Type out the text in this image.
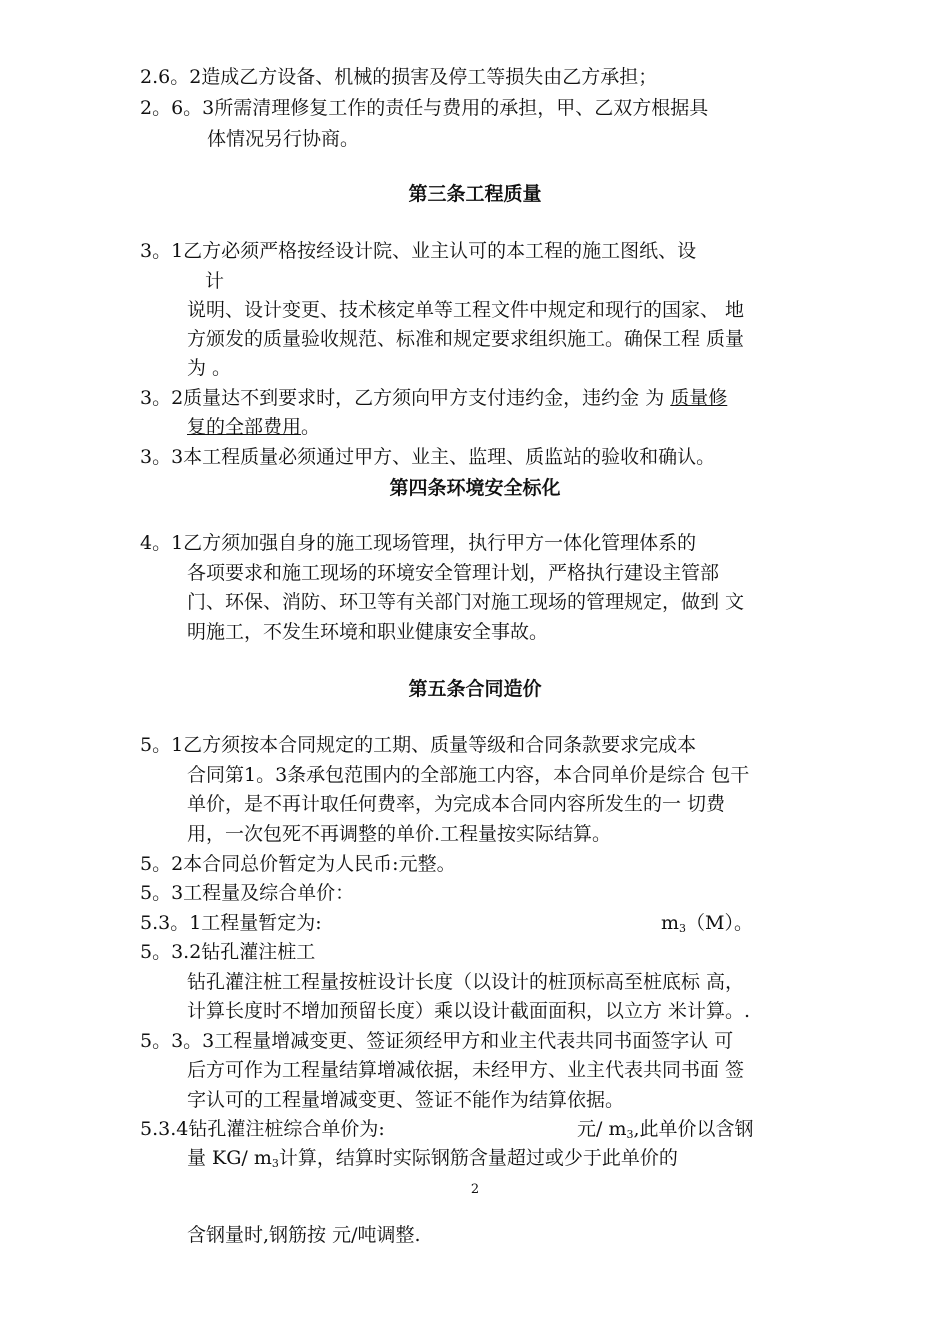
2.6。2造成乙方设备、机械的损害及停工等损失由乙方承担；
2。6。3所需清理修复工作的责任与费用的承担，甲、乙双方根据具
体情况另行协商。
第三条工程质量
3。1乙方必须严格按经设计院、业主认可的本工程的施工图纸、设
计
说明、设计变更、技术核定单等工程文件中规定和现行的国家、 地
方颁发的质量验收规范、标准和规定要求组织施工。确保工程 质量
为 。
3。2质量达不到要求时，乙方须向甲方支付违约金，违约金 为 质量修
复的全部费用。
3。3本工程质量必须通过甲方、业主、监理、质监站的验收和确认。
第四条环境安全标化
4。1乙方须加强自身的施工现场管理，执行甲方一体化管理体系的
各项要求和施工现场的环境安全管理计划，严格执行建设主管部
门、环保、消防、环卫等有关部门对施工现场的管理规定，做到 文
明施工，不发生环境和职业健康安全事故。
第五条合同造价
5。1乙方须按本合同规定的工期、质量等级和合同条款要求完成本
合同第1。3条承包范围内的全部施工内容，本合同单价是综合 包干
单价，是不再计取任何费率，为完成本合同内容所发生的一 切费
用，一次包死不再调整的单价.工程量按实际结算。
5。2本合同总价暂定为人民币:元整。
5。3工程量及综合单价：
5.3。1工程量暂定为:	$m_3(M)$。
5。3.2钻孔灌注桩工
钻孔灌注桩工程量按桩设计长度（以设计的桩顶标高至桩底标 高，
计算长度时不增加预留长度）乘以设计截面面积，以立方 米计算。.
5。3。3工程量增减变更、签证须经甲方和业主代表共同书面签字认 可
后方可作为工程量结算增减依据，未经甲方、业主代表共同书面 签
字认可的工程量增减变更、签证不能作为结算依据。
5.3.4钻孔灌注桩综合单价为:	元/ $m_3$,此单价以含钢
量 KG/ $m_3$计算，结算时实际钢筋含量超过或少于此单价的
2
含钢量时,钢筋按 元/吨调整.
